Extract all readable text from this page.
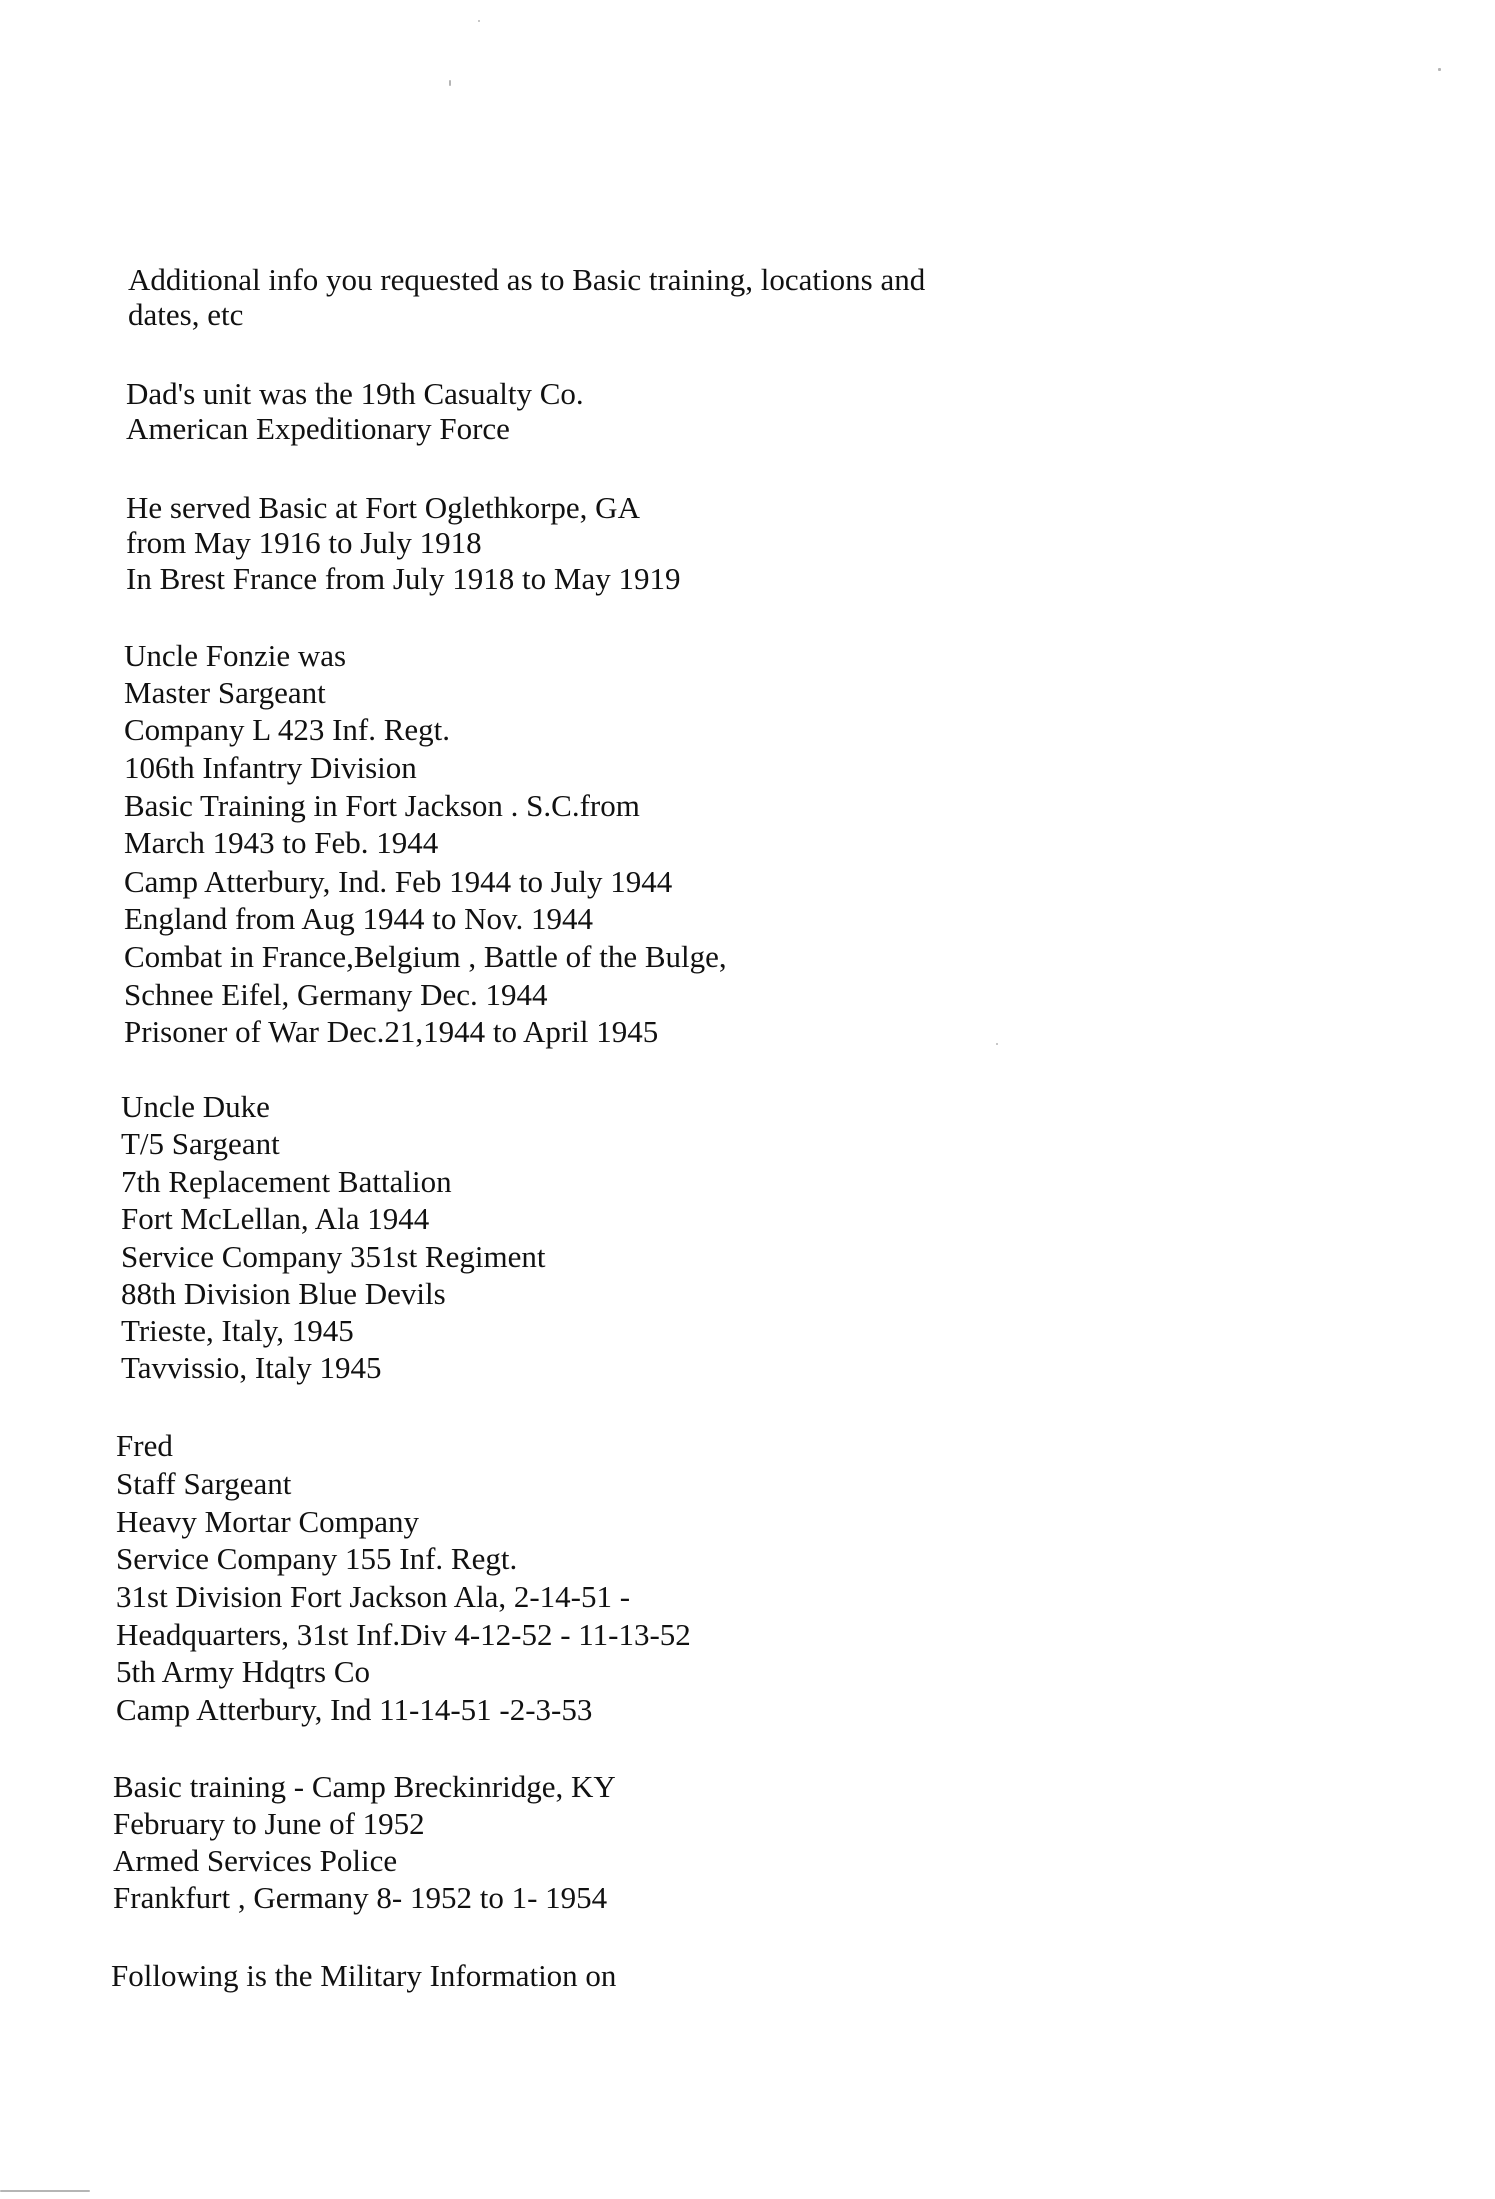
Additional info you requested as to Basic training, locations and
dates, etc
Dad's unit was the 19th Casualty Co.
American Expeditionary Force
He served Basic at Fort Oglethkorpe, GA
from May 1916 to July 1918
In Brest France from July 1918 to May 1919
Uncle Fonzie was
Master Sargeant
Company L 423 Inf. Regt.
106th Infantry Division
Basic Training in Fort Jackson . S.C.from
March 1943 to Feb. 1944
Camp Atterbury, Ind. Feb 1944 to July 1944
England from Aug 1944 to Nov. 1944
Combat in France,Belgium , Battle of the Bulge,
Schnee Eifel, Germany Dec. 1944
Prisoner of War Dec.21,1944 to April 1945
Uncle Duke
T/5 Sargeant
7th Replacement Battalion
Fort McLellan, Ala 1944
Service Company 351st Regiment
88th Division Blue Devils
Trieste, Italy, 1945
Tavvissio, Italy 1945
Fred
Staff Sargeant
Heavy Mortar Company
Service Company 155 Inf. Regt.
31st Division Fort Jackson Ala, 2-14-51 -
Headquarters, 31st Inf.Div 4-12-52 - 11-13-52
5th Army Hdqtrs Co
Camp Atterbury, Ind 11-14-51 -2-3-53
Basic training - Camp Breckinridge, KY
February to June of 1952
Armed Services Police
Frankfurt , Germany 8- 1952 to 1- 1954
Following is the Military Information on
